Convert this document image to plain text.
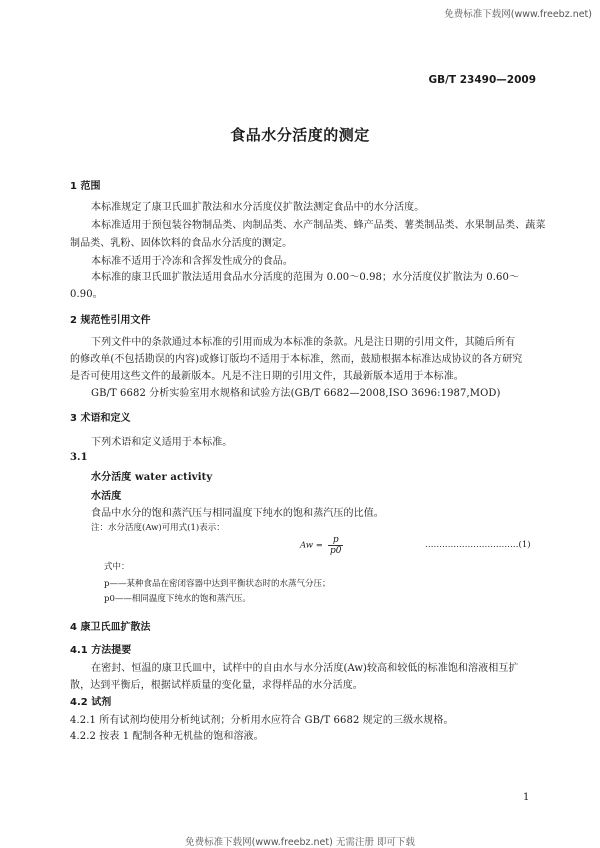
免费标准下载网(www.freebz.net)
GB/T 23490—2009
食品水分活度的测定
1 范围
本标准规定了康卫氏皿扩散法和水分活度仪扩散法测定食品中的水分活度。
本标准适用于预包装谷物制品类、肉制品类、水产制品类、蜂产品类、薯类制品类、水果制品类、蔬菜
制品类、乳粉、固体饮料的食品水分活度的测定。
本标准不适用于冷冻和含挥发性成分的食品。
本标准的康卫氏皿扩散法适用食品水分活度的范围为 0.00～0.98；水分活度仪扩散法为 0.60～
0.90。
2 规范性引用文件
下列文件中的条款通过本标准的引用而成为本标准的条款。凡是注日期的引用文件，其随后所有
的修改单(不包括勘误的内容)或修订版均不适用于本标准，然而，鼓励根据本标准达成协议的各方研究
是否可使用这些文件的最新版本。凡是不注日期的引用文件，其最新版本适用于本标准。
GB/T 6682 分析实验室用水规格和试验方法(GB/T 6682—2008,ISO 3696:1987,MOD)
3 术语和定义
下列术语和定义适用于本标准。
3.1
水分活度 water activity
水活度
食品中水分的饱和蒸汽压与相同温度下纯水的饱和蒸汽压的比值。
注：水分活度(Aw)可用式(1)表示：
$Aw = \frac{p}{p0}$	……………………………(1)
式中：
p——某种食品在密闭容器中达到平衡状态时的水蒸气分压；
p0——相同温度下纯水的饱和蒸汽压。
4 康卫氏皿扩散法
4.1 方法提要
在密封、恒温的康卫氏皿中，试样中的自由水与水分活度(Aw)较高和较低的标准饱和溶液相互扩
散，达到平衡后，根据试样质量的变化量，求得样品的水分活度。
4.2 试剂
4.2.1 所有试剂均使用分析纯试剂；分析用水应符合 GB/T 6682 规定的三级水规格。
4.2.2 按表 1 配制各种无机盐的饱和溶液。
1
免费标准下载网(www.freebz.net) 无需注册 即可下载
